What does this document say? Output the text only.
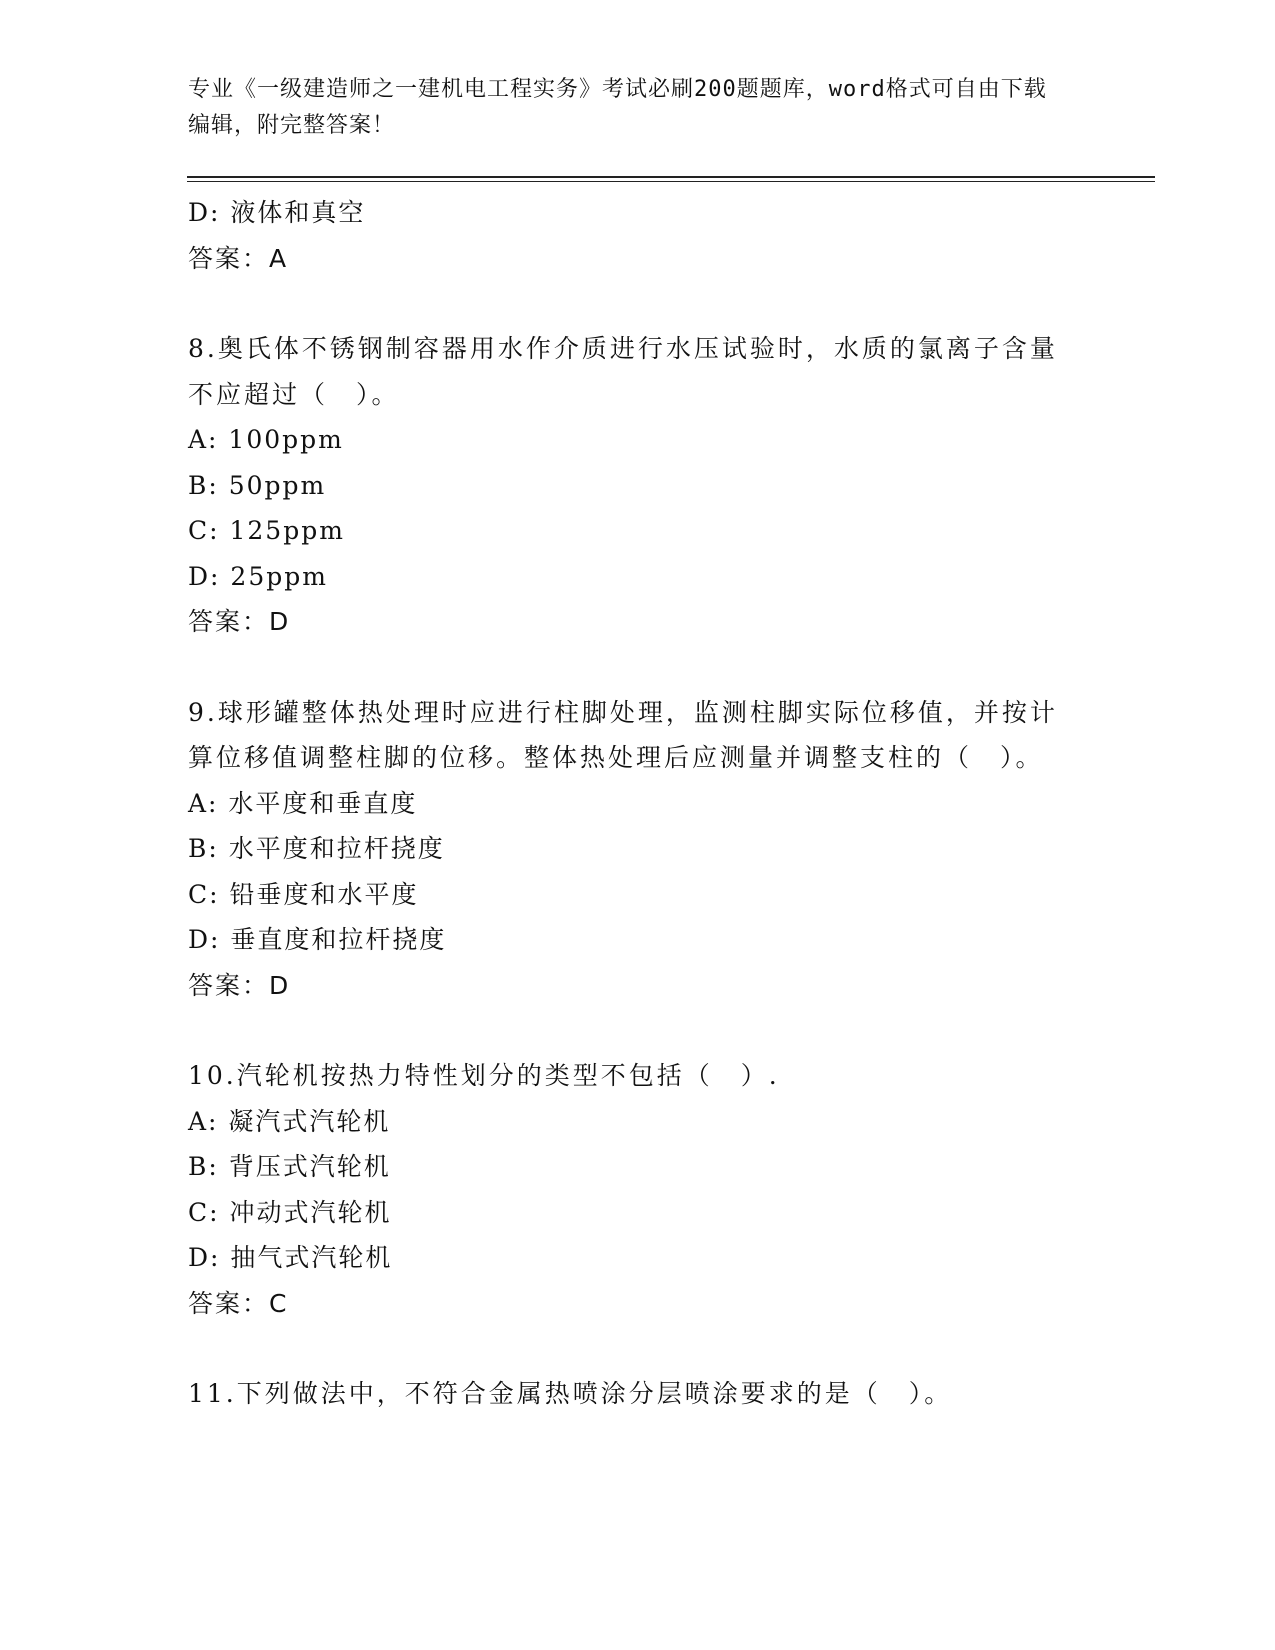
专业《一级建造师之一建机电工程实务》考试必刷200题题库，word格式可自由下载编辑，附完整答案！
D: 液体和真空
答案：A
8.奥氏体不锈钢制容器用水作介质进行水压试验时，水质的氯离子含量不应超过（　）。
A: 100ppm
B: 50ppm
C: 125ppm
D: 25ppm
答案：D
9.球形罐整体热处理时应进行柱脚处理，监测柱脚实际位移值，并按计算位移值调整柱脚的位移。整体热处理后应测量并调整支柱的（　）。
A: 水平度和垂直度
B: 水平度和拉杆挠度
C: 铅垂度和水平度
D: 垂直度和拉杆挠度
答案：D
10.汽轮机按热力特性划分的类型不包括（　）.
A: 凝汽式汽轮机
B: 背压式汽轮机
C: 冲动式汽轮机
D: 抽气式汽轮机
答案：C
11.下列做法中，不符合金属热喷涂分层喷涂要求的是（　）。
